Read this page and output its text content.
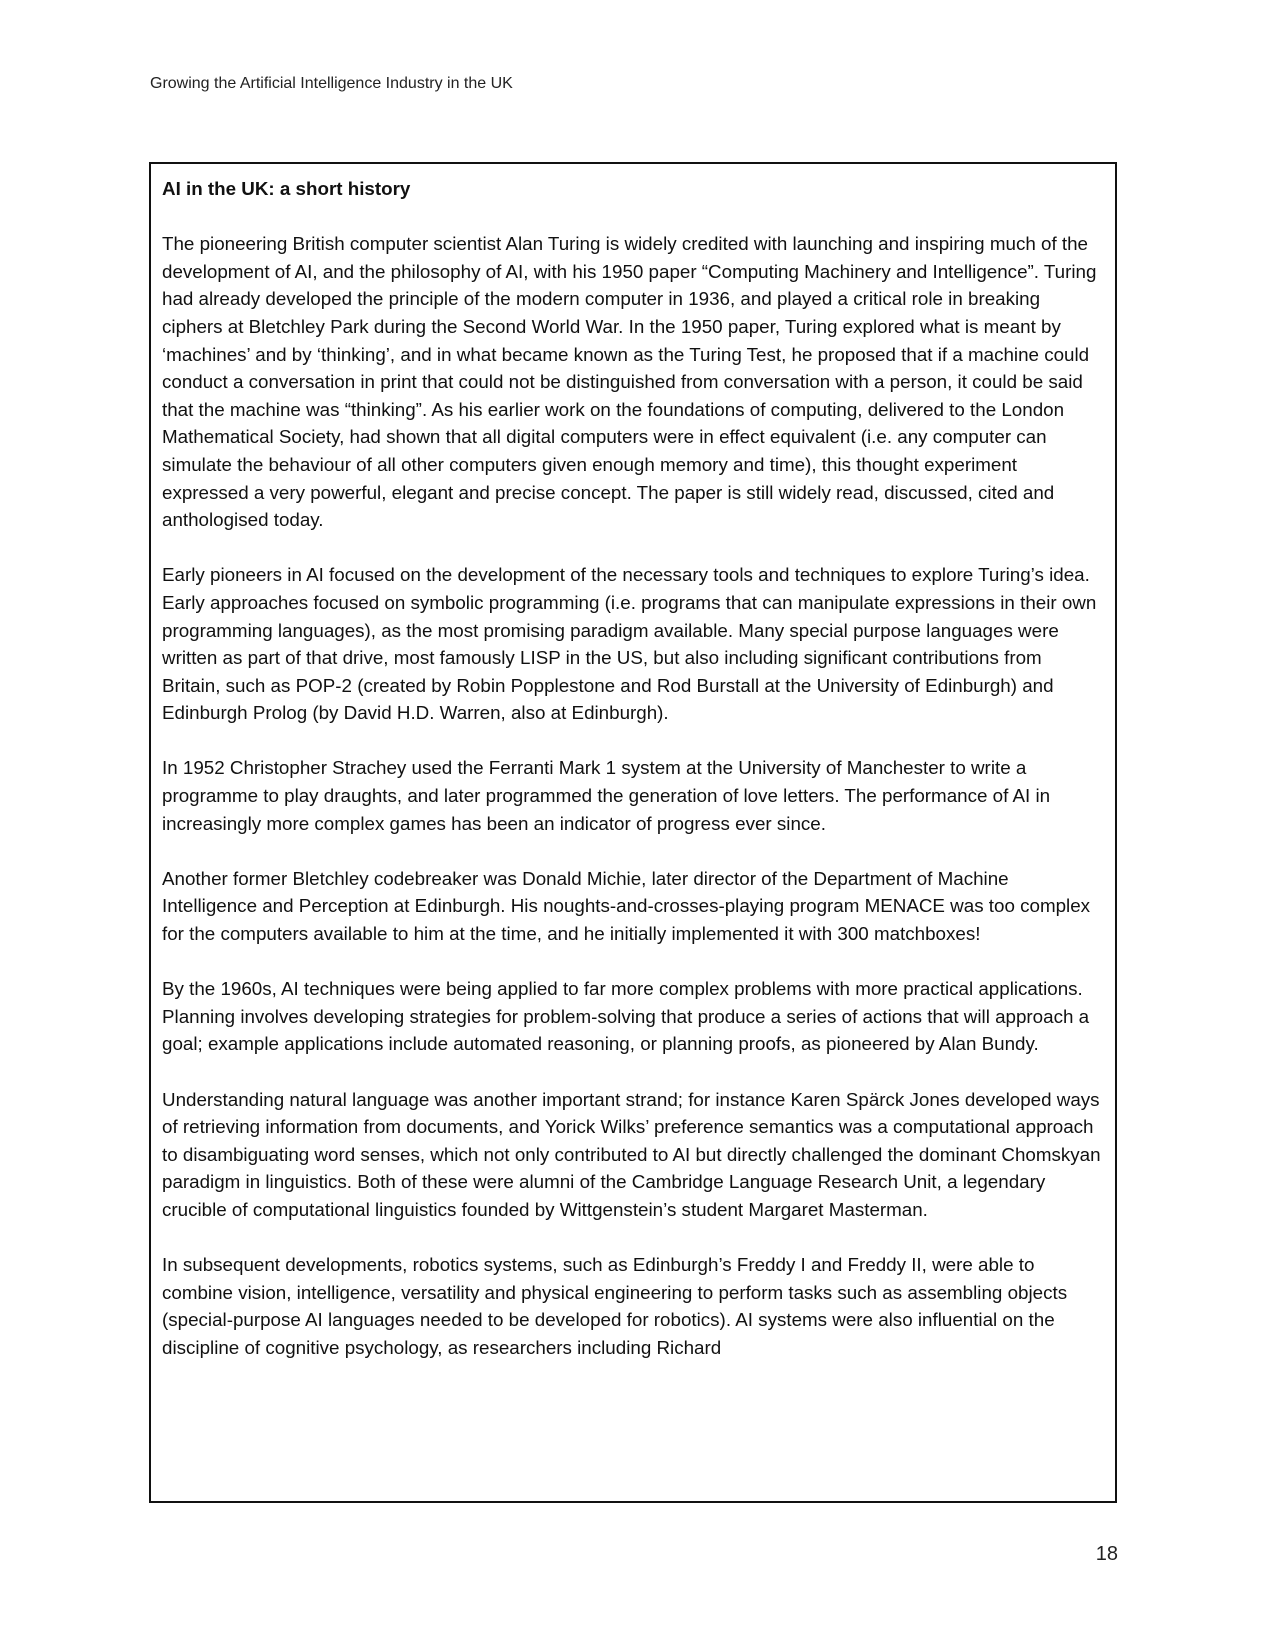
Growing the Artificial Intelligence Industry in the UK

AI in the UK: a short history

The pioneering British computer scientist Alan Turing is widely credited with launching and inspiring much of the development of AI, and the philosophy of AI, with his 1950 paper “Computing Machinery and Intelligence”. Turing had already developed the principle of the modern computer in 1936, and played a critical role in breaking ciphers at Bletchley Park during the Second World War. In the 1950 paper, Turing explored what is meant by ‘machines’ and by ‘thinking’, and in what became known as the Turing Test, he proposed that if a machine could conduct a conversation in print that could not be distinguished from conversation with a person, it could be said that the machine was “thinking”. As his earlier work on the foundations of computing, delivered to the London Mathematical Society, had shown that all digital computers were in effect equivalent (i.e. any computer can simulate the behaviour of all other computers given enough memory and time), this thought experiment expressed a very powerful, elegant and precise concept. The paper is still widely read, discussed, cited and anthologised today.

Early pioneers in AI focused on the development of the necessary tools and techniques to explore Turing’s idea. Early approaches focused on symbolic programming (i.e. programs that can manipulate expressions in their own programming languages), as the most promising paradigm available. Many special purpose languages were written as part of that drive, most famously LISP in the US, but also including significant contributions from Britain, such as POP-2 (created by Robin Popplestone and Rod Burstall at the University of Edinburgh) and Edinburgh Prolog (by David H.D. Warren, also at Edinburgh).

In 1952 Christopher Strachey used the Ferranti Mark 1 system at the University of Manchester to write a programme to play draughts, and later programmed the generation of love letters. The performance of AI in increasingly more complex games has been an indicator of progress ever since.

Another former Bletchley codebreaker was Donald Michie, later director of the Department of Machine Intelligence and Perception at Edinburgh. His noughts-and-crosses-playing program MENACE was too complex for the computers available to him at the time, and he initially implemented it with 300 matchboxes!

By the 1960s, AI techniques were being applied to far more complex problems with more practical applications. Planning involves developing strategies for problem-solving that produce a series of actions that will approach a goal; example applications include automated reasoning, or planning proofs, as pioneered by Alan Bundy.

Understanding natural language was another important strand; for instance Karen Spärck Jones developed ways of retrieving information from documents, and Yorick Wilks’ preference semantics was a computational approach to disambiguating word senses, which not only contributed to AI but directly challenged the dominant Chomskyan paradigm in linguistics. Both of these were alumni of the Cambridge Language Research Unit, a legendary crucible of computational linguistics founded by Wittgenstein’s student Margaret Masterman.

In subsequent developments, robotics systems, such as Edinburgh’s Freddy I and Freddy II, were able to combine vision, intelligence, versatility and physical engineering to perform tasks such as assembling objects (special-purpose AI languages needed to be developed for robotics). AI systems were also influential on the discipline of cognitive psychology, as researchers including Richard

18
